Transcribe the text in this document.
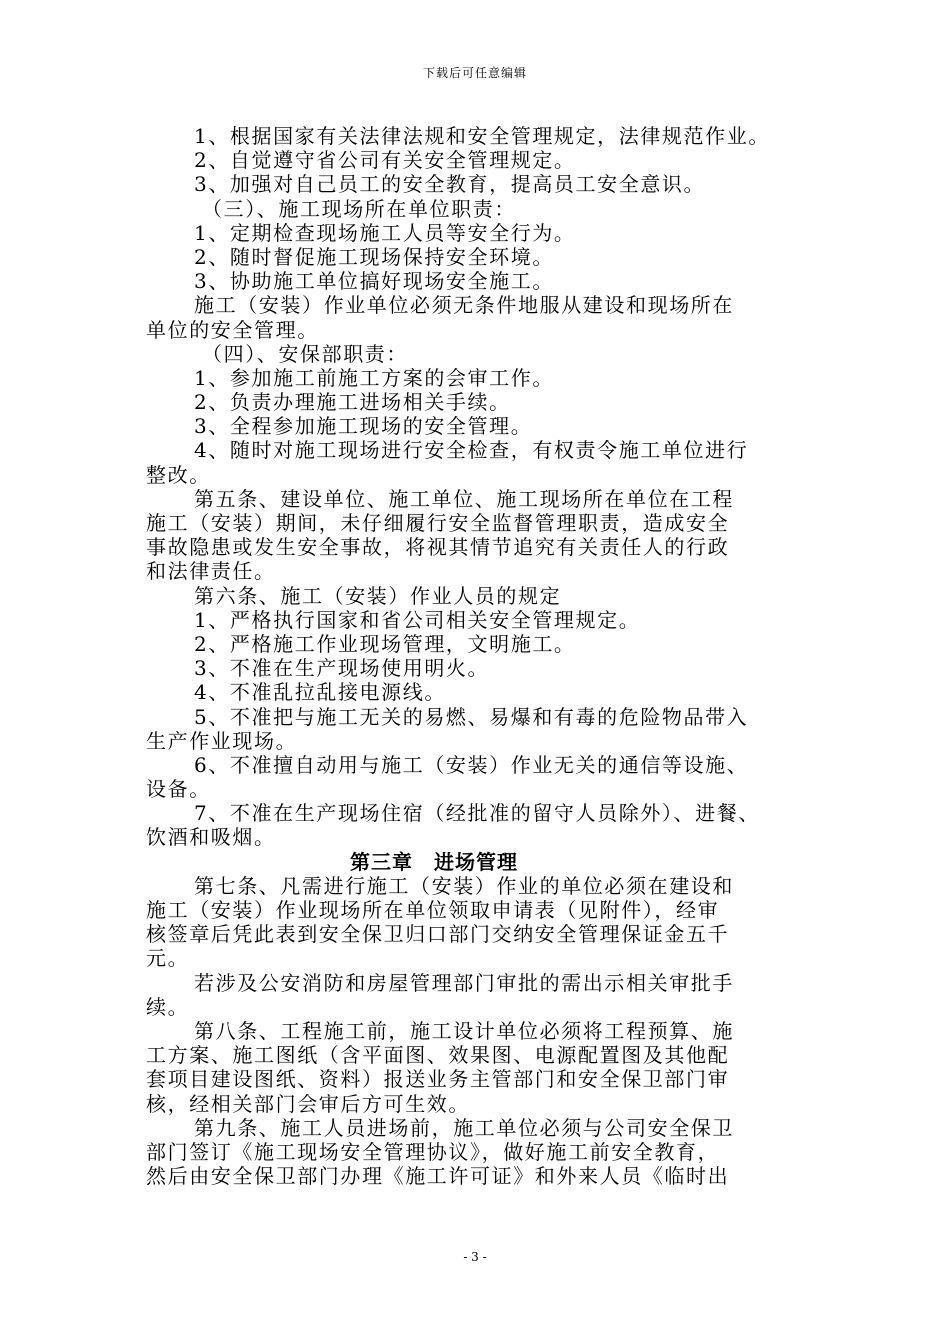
下载后可任意编辑
1、根据国家有关法律法规和安全管理规定，法律规范作业。
2、自觉遵守省公司有关安全管理规定。
3、加强对自己员工的安全教育，提高员工安全意识。
（三）、施工现场所在单位职责：
1、定期检查现场施工人员等安全行为。
2、随时督促施工现场保持安全环境。
3、协助施工单位搞好现场安全施工。
施工（安装）作业单位必须无条件地服从建设和现场所在
单位的安全管理。
（四）、安保部职责：
1、参加施工前施工方案的会审工作。
2、负责办理施工进场相关手续。
3、全程参加施工现场的安全管理。
4、随时对施工现场进行安全检查，有权责令施工单位进行
整改。
第五条、建设单位、施工单位、施工现场所在单位在工程
施工（安装）期间，未仔细履行安全监督管理职责，造成安全
事故隐患或发生安全事故，将视其情节追究有关责任人的行政
和法律责任。
第六条、施工（安装）作业人员的规定
1、严格执行国家和省公司相关安全管理规定。
2、严格施工作业现场管理，文明施工。
3、不准在生产现场使用明火。
4、不准乱拉乱接电源线。
5、不准把与施工无关的易燃、易爆和有毒的危险物品带入
生产作业现场。
6、不准擅自动用与施工（安装）作业无关的通信等设施、
设备。
7、不准在生产现场住宿（经批准的留守人员除外）、进餐、
饮酒和吸烟。
第三章　进场管理
第七条、凡需进行施工（安装）作业的单位必须在建设和
施工（安装）作业现场所在单位领取申请表（见附件），经审
核签章后凭此表到安全保卫归口部门交纳安全管理保证金五千
元。
若涉及公安消防和房屋管理部门审批的需出示相关审批手
续。
第八条、工程施工前，施工设计单位必须将工程预算、施
工方案、施工图纸（含平面图、效果图、电源配置图及其他配
套项目建设图纸、资料）报送业务主管部门和安全保卫部门审
核，经相关部门会审后方可生效。
第九条、施工人员进场前，施工单位必须与公司安全保卫
部门签订《施工现场安全管理协议》，做好施工前安全教育，
然后由安全保卫部门办理《施工许可证》和外来人员《临时出
- 3 -
